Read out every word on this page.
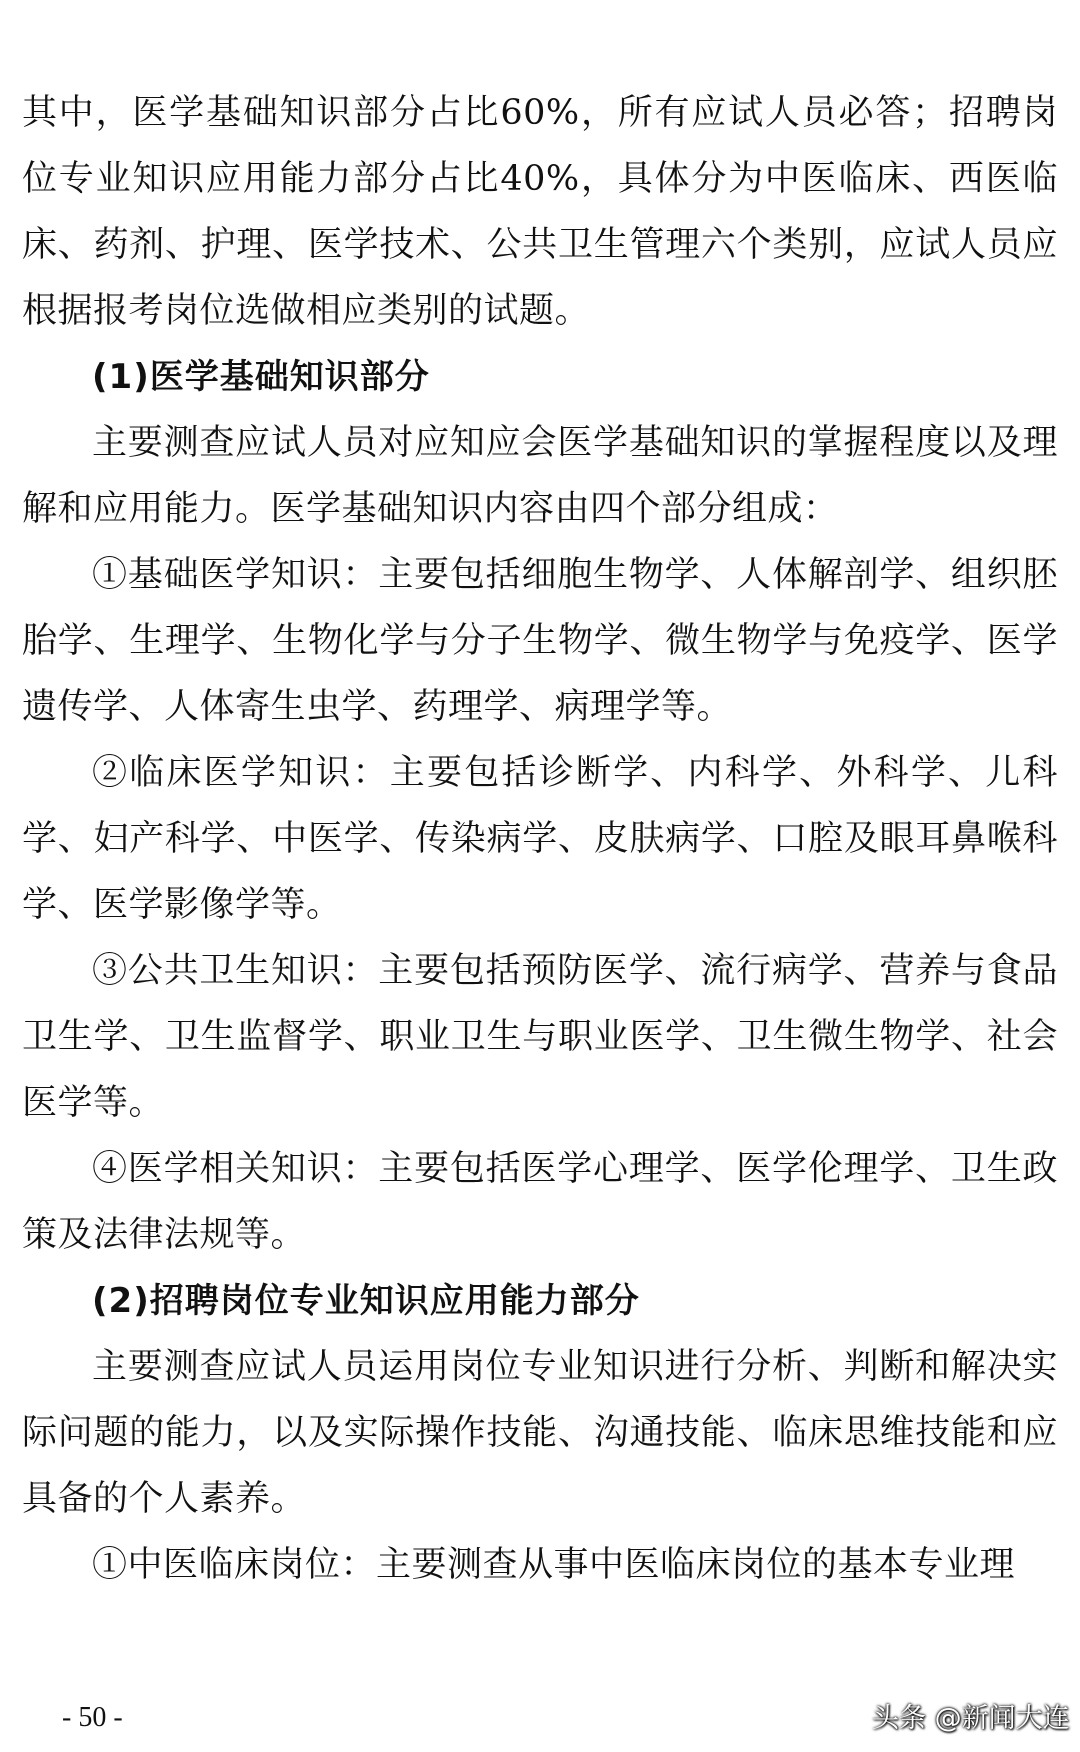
其中，医学基础知识部分占比60%，所有应试人员必答；招聘岗位专业知识应用能力部分占比40%，具体分为中医临床、西医临床、药剂、护理、医学技术、公共卫生管理六个类别，应试人员应根据报考岗位选做相应类别的试题。

(1)医学基础知识部分

主要测查应试人员对应知应会医学基础知识的掌握程度以及理解和应用能力。医学基础知识内容由四个部分组成：

①基础医学知识：主要包括细胞生物学、人体解剖学、组织胚胎学、生理学、生物化学与分子生物学、微生物学与免疫学、医学遗传学、人体寄生虫学、药理学、病理学等。

②临床医学知识：主要包括诊断学、内科学、外科学、儿科学、妇产科学、中医学、传染病学、皮肤病学、口腔及眼耳鼻喉科学、医学影像学等。

③公共卫生知识：主要包括预防医学、流行病学、营养与食品卫生学、卫生监督学、职业卫生与职业医学、卫生微生物学、社会医学等。

④医学相关知识：主要包括医学心理学、医学伦理学、卫生政策及法律法规等。

(2)招聘岗位专业知识应用能力部分

主要测查应试人员运用岗位专业知识进行分析、判断和解决实际问题的能力，以及实际操作技能、沟通技能、临床思维技能和应具备的个人素养。

①中医临床岗位：主要测查从事中医临床岗位的基本专业理

- 50 -	头条 @新闻大连
